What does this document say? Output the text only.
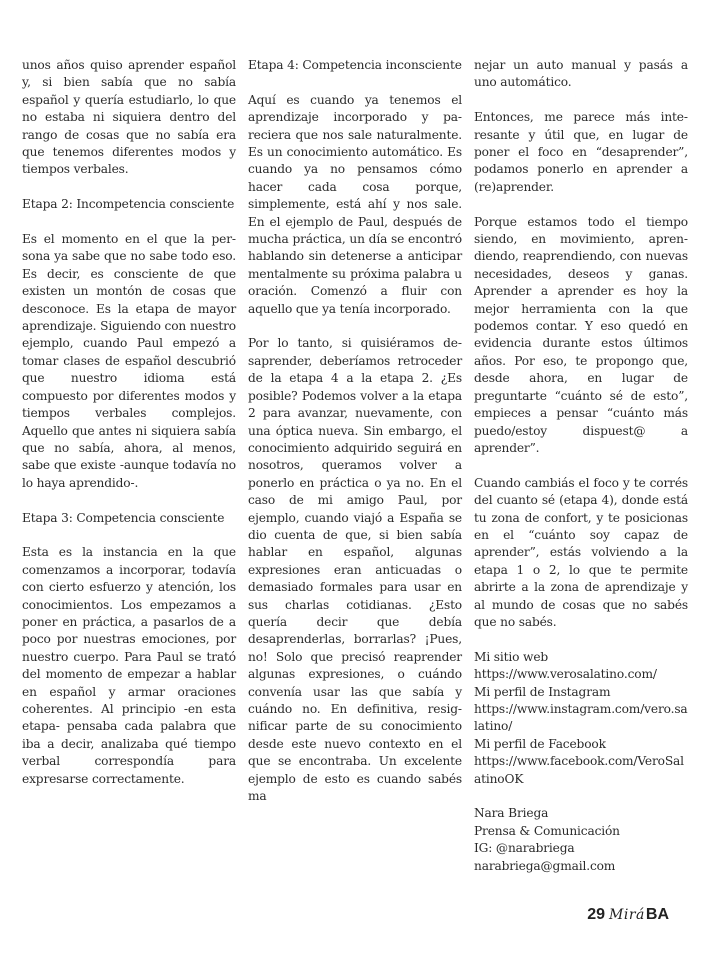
unos años quiso aprender español y, si bien sabía que no sabía español y quería estudiarlo, lo que no estaba ni siquiera dentro del rango de cosas que no sabía era que tenemos diferentes modos y tiempos verbales.

Etapa 2: Incompetencia consciente

Es el momento en el que la persona ya sabe que no sabe todo eso. Es decir, es consciente de que existen un montón de cosas que desconoce. Es la etapa de mayor aprendizaje. Siguiendo con nuestro ejemplo, cuando Paul empezó a tomar clases de español descubrió que nuestro idioma está compuesto por diferentes modos y tiempos verbales complejos. Aquello que antes ni siquiera sabía que no sabía, ahora, al menos, sabe que existe -aunque todavía no lo haya aprendido-.

Etapa 3: Competencia consciente

Esta es la instancia en la que comenzamos a incorporar, todavía con cierto esfuerzo y atención, los conocimientos. Los empezamos a poner en práctica, a pasarlos de a poco por nuestras emociones, por nuestro cuerpo. Para Paul se trató del momento de empezar a hablar en español y armar oraciones coherentes. Al principio -en esta etapa- pensaba cada palabra que iba a decir, analizaba qué tiempo verbal correspondía para expresarse correctamente.

Etapa 4: Competencia inconsciente

Aquí es cuando ya tenemos el aprendizaje incorporado y pareciera que nos sale naturalmente. Es un conocimiento automático. Es cuando ya no pensamos cómo hacer cada cosa porque, simplemente, está ahí y nos sale. En el ejemplo de Paul, después de mucha práctica, un día se encontró hablando sin detenerse a anticipar mentalmente su próxima palabra u oración. Comenzó a fluir con aquello que ya tenía incorporado.

Por lo tanto, si quisiéramos desaprender, deberíamos retroceder de la etapa 4 a la etapa 2. ¿Es posible? Podemos volver a la etapa 2 para avanzar, nuevamente, con una óptica nueva. Sin embargo, el conocimiento adquirido seguirá en nosotros, queramos volver a ponerlo en práctica o ya no. En el caso de mi amigo Paul, por ejemplo, cuando viajó a España se dio cuenta de que, si bien sabía hablar en español, algunas expresiones eran anticuadas o demasiado formales para usar en sus charlas cotidianas. ¿Esto quería decir que debía desaprenderlas, borrarlas? ¡Pues, no! Solo que precisó reaprender algunas expresiones, o cuándo convenía usar las que sabía y cuándo no. En definitiva, resignificar parte de su conocimiento desde este nuevo contexto en el que se encontraba. Un excelente ejemplo de esto es cuando sabés ma

nejar un auto manual y pasás a uno automático.

Entonces, me parece más interesante y útil que, en lugar de poner el foco en “desaprender”, podamos ponerlo en aprender a (re)aprender.

Porque estamos todo el tiempo siendo, en movimiento, aprendiendo, reaprendiendo, con nuevas necesidades, deseos y ganas. Aprender a aprender es hoy la mejor herramienta con la que podemos contar. Y eso quedó en evidencia durante estos últimos años. Por eso, te propongo que, desde ahora, en lugar de preguntarte “cuánto sé de esto”, empieces a pensar “cuánto más puedo/estoy dispuest@ a aprender”.

Cuando cambiás el foco y te corrés del cuanto sé (etapa 4), donde está tu zona de confort, y te posicionas en el “cuánto soy capaz de aprender”, estás volviendo a la etapa 1 o 2, lo que te permite abrirte a la zona de aprendizaje y al mundo de cosas que no sabés que no sabés.

Mi sitio web

https://www.verosalatino.com/

Mi perfil de Instagram

https://www.instagram.com/vero.salatino/

Mi perfil de Facebook

https://www.facebook.com/VeroSalatinoOK

Nara Briega

Prensa & Comunicación

IG: @narabriega

narabriega@gmail.com

29 Mirá BA
